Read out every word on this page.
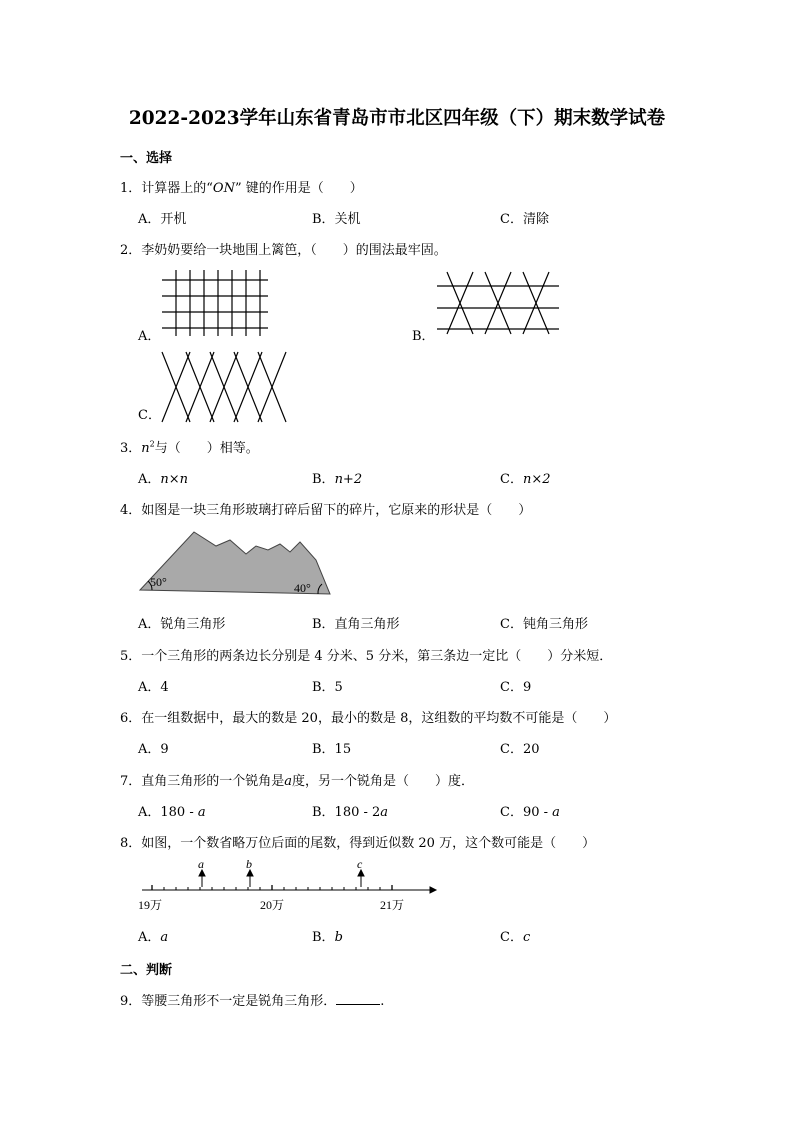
2022-2023学年山东省青岛市市北区四年级（下）期末数学试卷
一、选择
1．计算器上的“ON” 键的作用是（　　）
A．开机	B．关机	C．清除
2．李奶奶要给一块地围上篱笆，（　　）的围法最牢固。
A．	B．
C．
3．$n^2$与（　　）相等。
A．n×n	B．n+2	C．n×2
4．如图是一块三角形玻璃打碎后留下的碎片，它原来的形状是（　　）
50°	40°
A．锐角三角形	B．直角三角形	C．钝角三角形
5．一个三角形的两条边长分别是 4 分米、5 分米，第三条边一定比（　　）分米短．
A．4	B．5	C．9
6．在一组数据中，最大的数是 20，最小的数是 8，这组数的平均数不可能是（　　）
A．9	B．15	C．20
7．直角三角形的一个锐角是a度，另一个锐角是（　　）度．
A．180 - a	B．180 - 2a	C．90 - a
8．如图，一个数省略万位后面的尾数，得到近似数 20 万，这个数可能是（　　）
a	b	c
19万	20万	21万
A．a	B．b	C．c
二、判断
9．等腰三角形不一定是锐角三角形．	.
